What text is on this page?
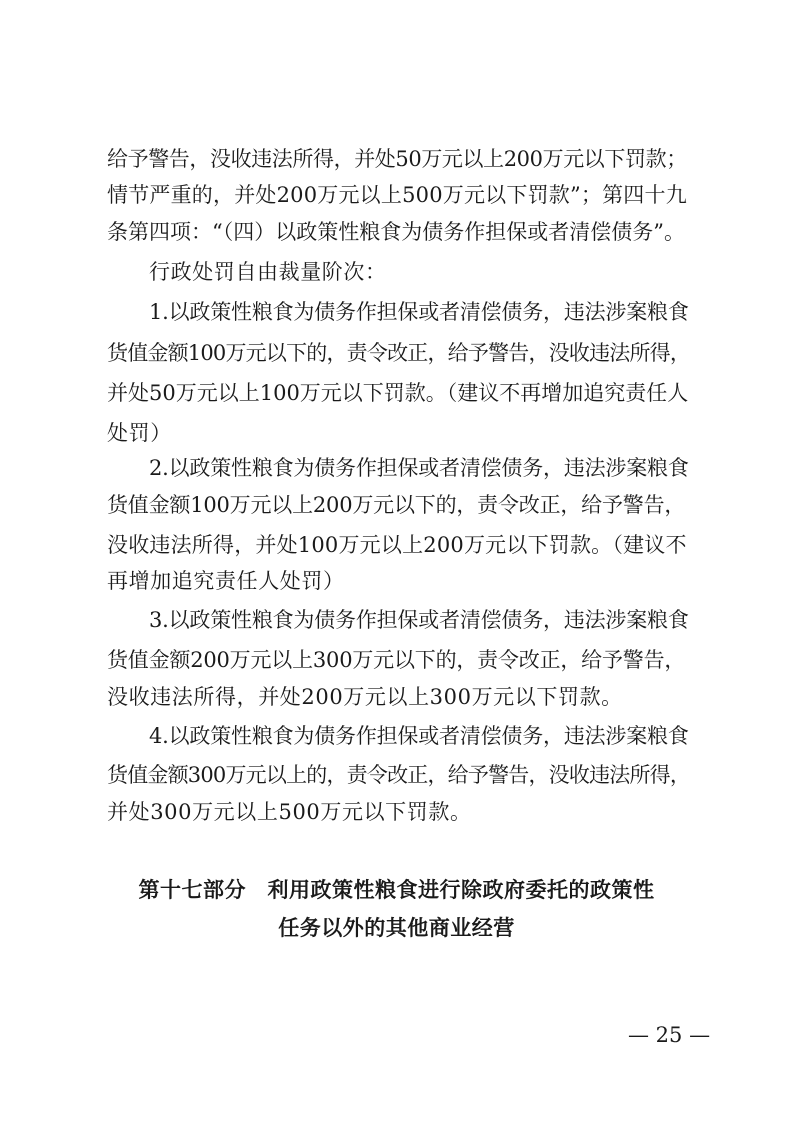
给予警告，没收违法所得，并处50万元以上200万元以下罚款；
情节严重的，并处200万元以上500万元以下罚款”；第四十九
条第四项：“（四）以政策性粮食为债务作担保或者清偿债务”。
行政处罚自由裁量阶次：
1.以政策性粮食为债务作担保或者清偿债务，违法涉案粮食
货值金额100万元以下的，责令改正，给予警告，没收违法所得，
并处50万元以上100万元以下罚款。（建议不再增加追究责任人
处罚）
2.以政策性粮食为债务作担保或者清偿债务，违法涉案粮食
货值金额100万元以上200万元以下的，责令改正，给予警告，
没收违法所得，并处100万元以上200万元以下罚款。（建议不
再增加追究责任人处罚）
3.以政策性粮食为债务作担保或者清偿债务，违法涉案粮食
货值金额200万元以上300万元以下的，责令改正，给予警告，
没收违法所得，并处200万元以上300万元以下罚款。
4.以政策性粮食为债务作担保或者清偿债务，违法涉案粮食
货值金额300万元以上的，责令改正，给予警告，没收违法所得，
并处300万元以上500万元以下罚款。
第十七部分　利用政策性粮食进行除政府委托的政策性
任务以外的其他商业经营
— 25 —
